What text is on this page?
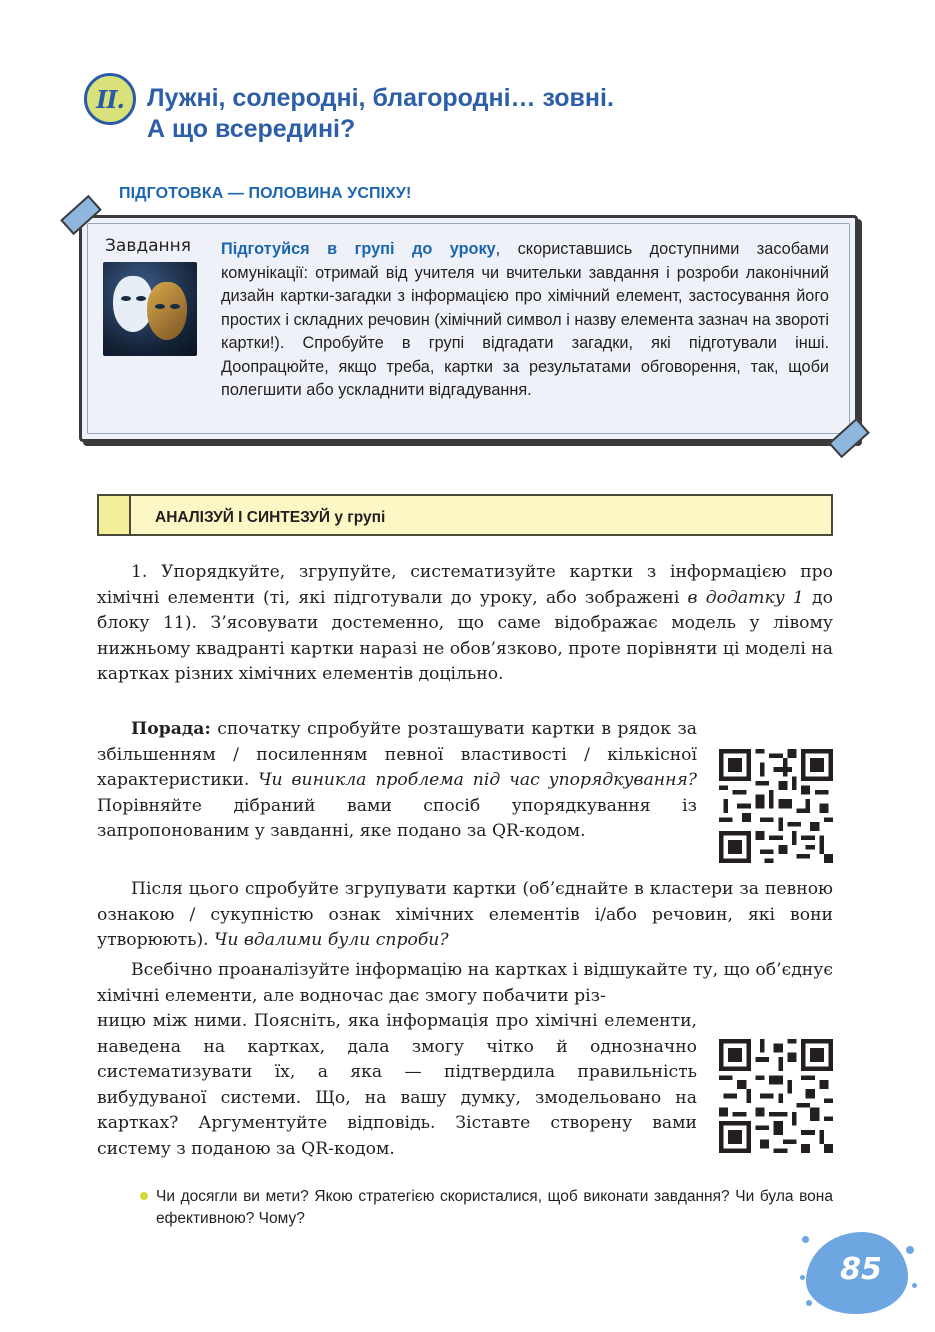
II. Лужні, солеродні, благородні… зовні.
А що всередині?
ПІДГОТОВКА — ПОЛОВИНА УСПІХУ!
Завдання Підготуйся в групі до уроку, скориставшись доступними засобами комунікації: отримай від учителя чи вчительки завдання і розроби лаконічний дизайн картки-загадки з інформацією про хімічний елемент, застосування його простих і складних речовин (хімічний символ і назву елемента зазнач на звороті картки!). Спробуйте в групі відгадати загадки, які підготували інші. Доопрацюйте, якщо треба, картки за результатами обговорення, так, щоби полегшити або ускладнити відгадування.
АНАЛІЗУЙ І СИНТЕЗУЙ у групі
1. Упорядкуйте, згрупуйте, систематизуйте картки з інформацією про хімічні елементи (ті, які підготували до уроку, або зображені в додатку 1 до блоку 11). З’ясовувати достеменно, що саме відображає модель у лівому нижньому квадранті картки наразі не обов’язково, проте порівняти ці моделі на картках різних хімічних елементів доцільно.
Порада: спочатку спробуйте розташувати картки в рядок за збільшенням / посиленням певної властивості / кількісної характеристики. Чи виникла проблема під час упорядкування? Порівняйте дібраний вами спосіб упорядкування із запропонованим у завданні, яке подано за QR-кодом.
Після цього спробуйте згрупувати картки (об’єднайте в кластери за певною ознакою / сукупністю ознак хімічних елементів і/або речовин, які вони утворюють). Чи вдалими були спроби?
Всебічно проаналізуйте інформацію на картках і відшукайте ту, що об’єднує хімічні елементи, але водночас дає змогу побачити різ-
ницю між ними. Поясніть, яка інформація про хімічні елементи, наведена на картках, дала змогу чітко й однозначно систематизувати їх, а яка — підтвердила правильність вибудуваної системи. Що, на вашу думку, змодельовано на картках? Аргументуйте відповідь. Зіставте створену вами систему з поданою за QR-кодом.
Чи досягли ви мети? Якою стратегією скористалися, щоб виконати завдання? Чи була вона ефективною? Чому?
85
